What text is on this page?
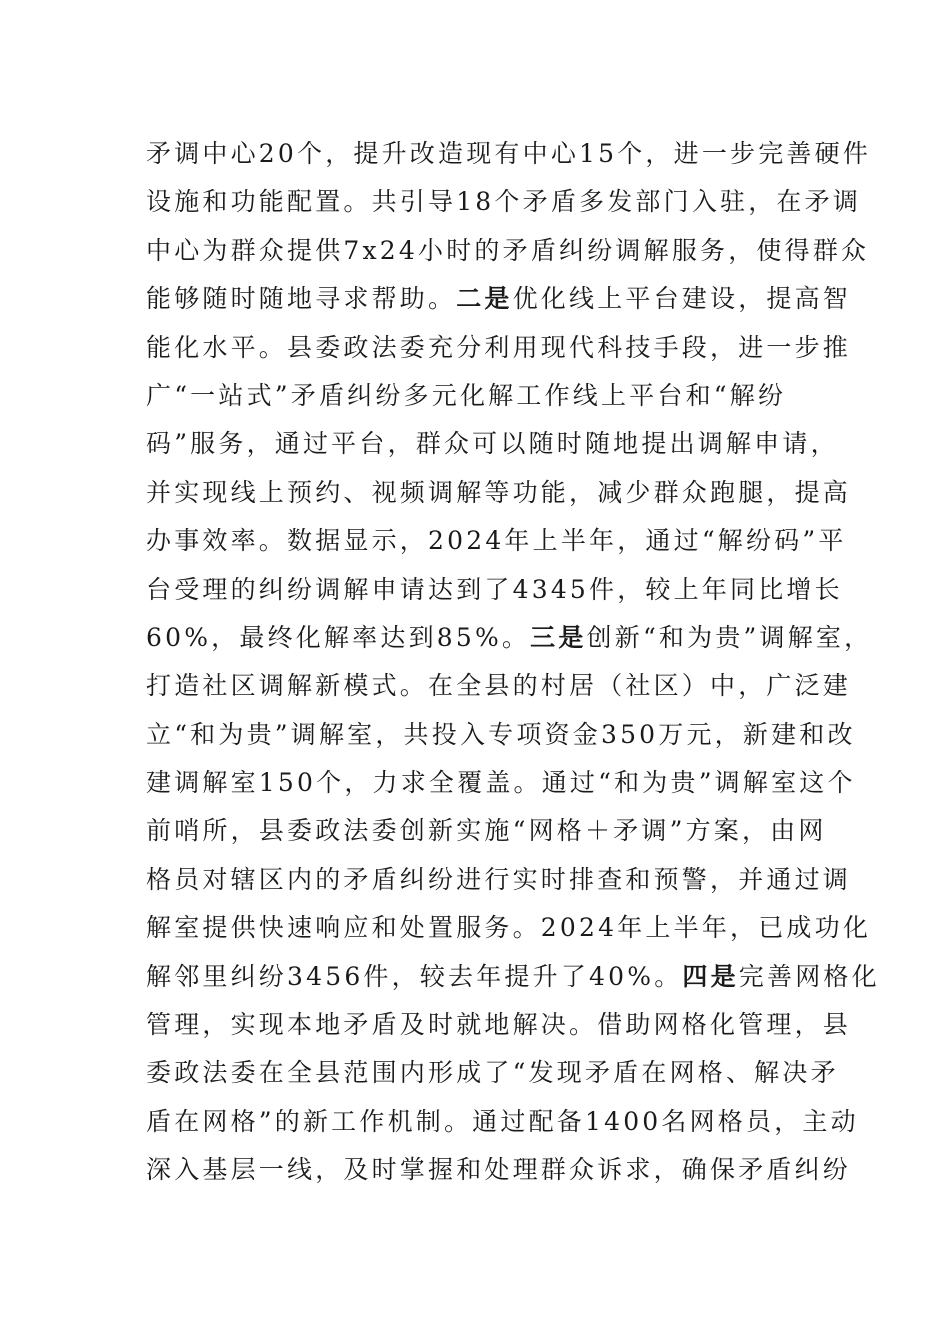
矛调中心20个，提升改造现有中心15个，进一步完善硬件
设施和功能配置。共引导18个矛盾多发部门入驻，在矛调
中心为群众提供7x24小时的矛盾纠纷调解服务，使得群众
能够随时随地寻求帮助。二是优化线上平台建设，提高智
能化水平。县委政法委充分利用现代科技手段，进一步推
广“一站式”矛盾纠纷多元化解工作线上平台和“解纷
码”服务，通过平台，群众可以随时随地提出调解申请，
并实现线上预约、视频调解等功能，减少群众跑腿，提高
办事效率。数据显示，2024年上半年，通过“解纷码”平
台受理的纠纷调解申请达到了4345件，较上年同比增长
60%，最终化解率达到85%。三是创新“和为贵”调解室，
打造社区调解新模式。在全县的村居（社区）中，广泛建
立“和为贵”调解室，共投入专项资金350万元，新建和改
建调解室150个，力求全覆盖。通过“和为贵”调解室这个
前哨所，县委政法委创新实施“网格＋矛调”方案，由网
格员对辖区内的矛盾纠纷进行实时排查和预警，并通过调
解室提供快速响应和处置服务。2024年上半年，已成功化
解邻里纠纷3456件，较去年提升了40%。四是完善网格化
管理，实现本地矛盾及时就地解决。借助网格化管理，县
委政法委在全县范围内形成了“发现矛盾在网格、解决矛
盾在网格”的新工作机制。通过配备1400名网格员，主动
深入基层一线，及时掌握和处理群众诉求，确保矛盾纠纷
